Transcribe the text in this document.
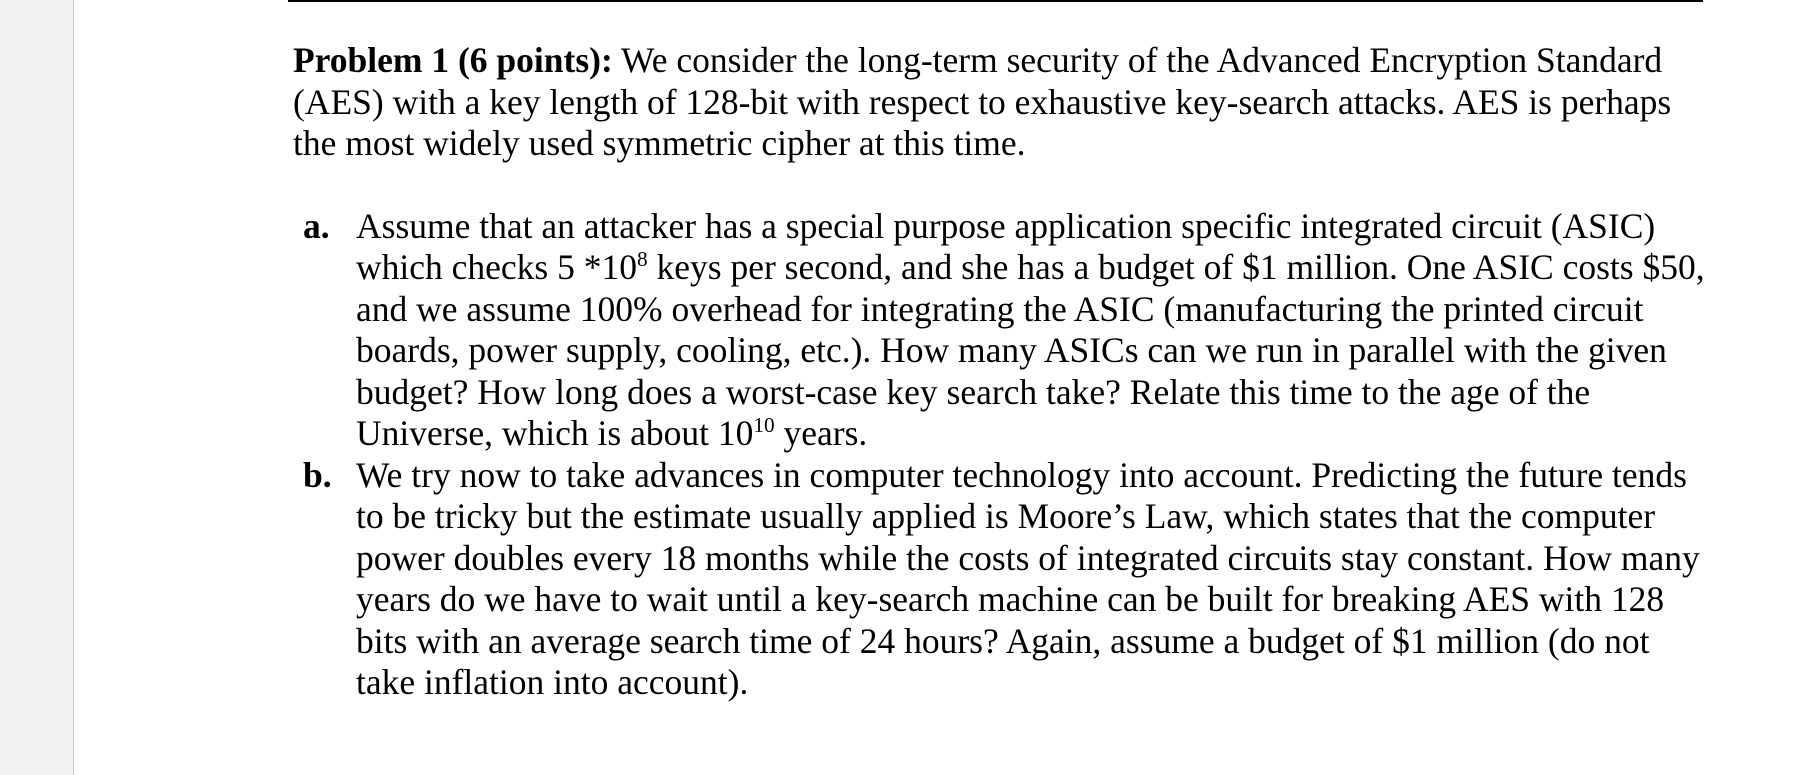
Problem 1 (6 points): We consider the long-term security of the Advanced Encryption Standard (AES) with a key length of 128-bit with respect to exhaustive key-search attacks. AES is perhaps the most widely used symmetric cipher at this time.

a. Assume that an attacker has a special purpose application specific integrated circuit (ASIC) which checks 5 $*10^8$ keys per second, and she has a budget of $1 million. One ASIC costs $50, and we assume 100% overhead for integrating the ASIC (manufacturing the printed circuit boards, power supply, cooling, etc.). How many ASICs can we run in parallel with the given budget? How long does a worst-case key search take? Relate this time to the age of the Universe, which is about $10^{10}$ years.
b. We try now to take advances in computer technology into account. Predicting the future tends to be tricky but the estimate usually applied is Moore’s Law, which states that the computer power doubles every 18 months while the costs of integrated circuits stay constant. How many years do we have to wait until a key-search machine can be built for breaking AES with 128 bits with an average search time of 24 hours? Again, assume a budget of $1 million (do not take inflation into account).
